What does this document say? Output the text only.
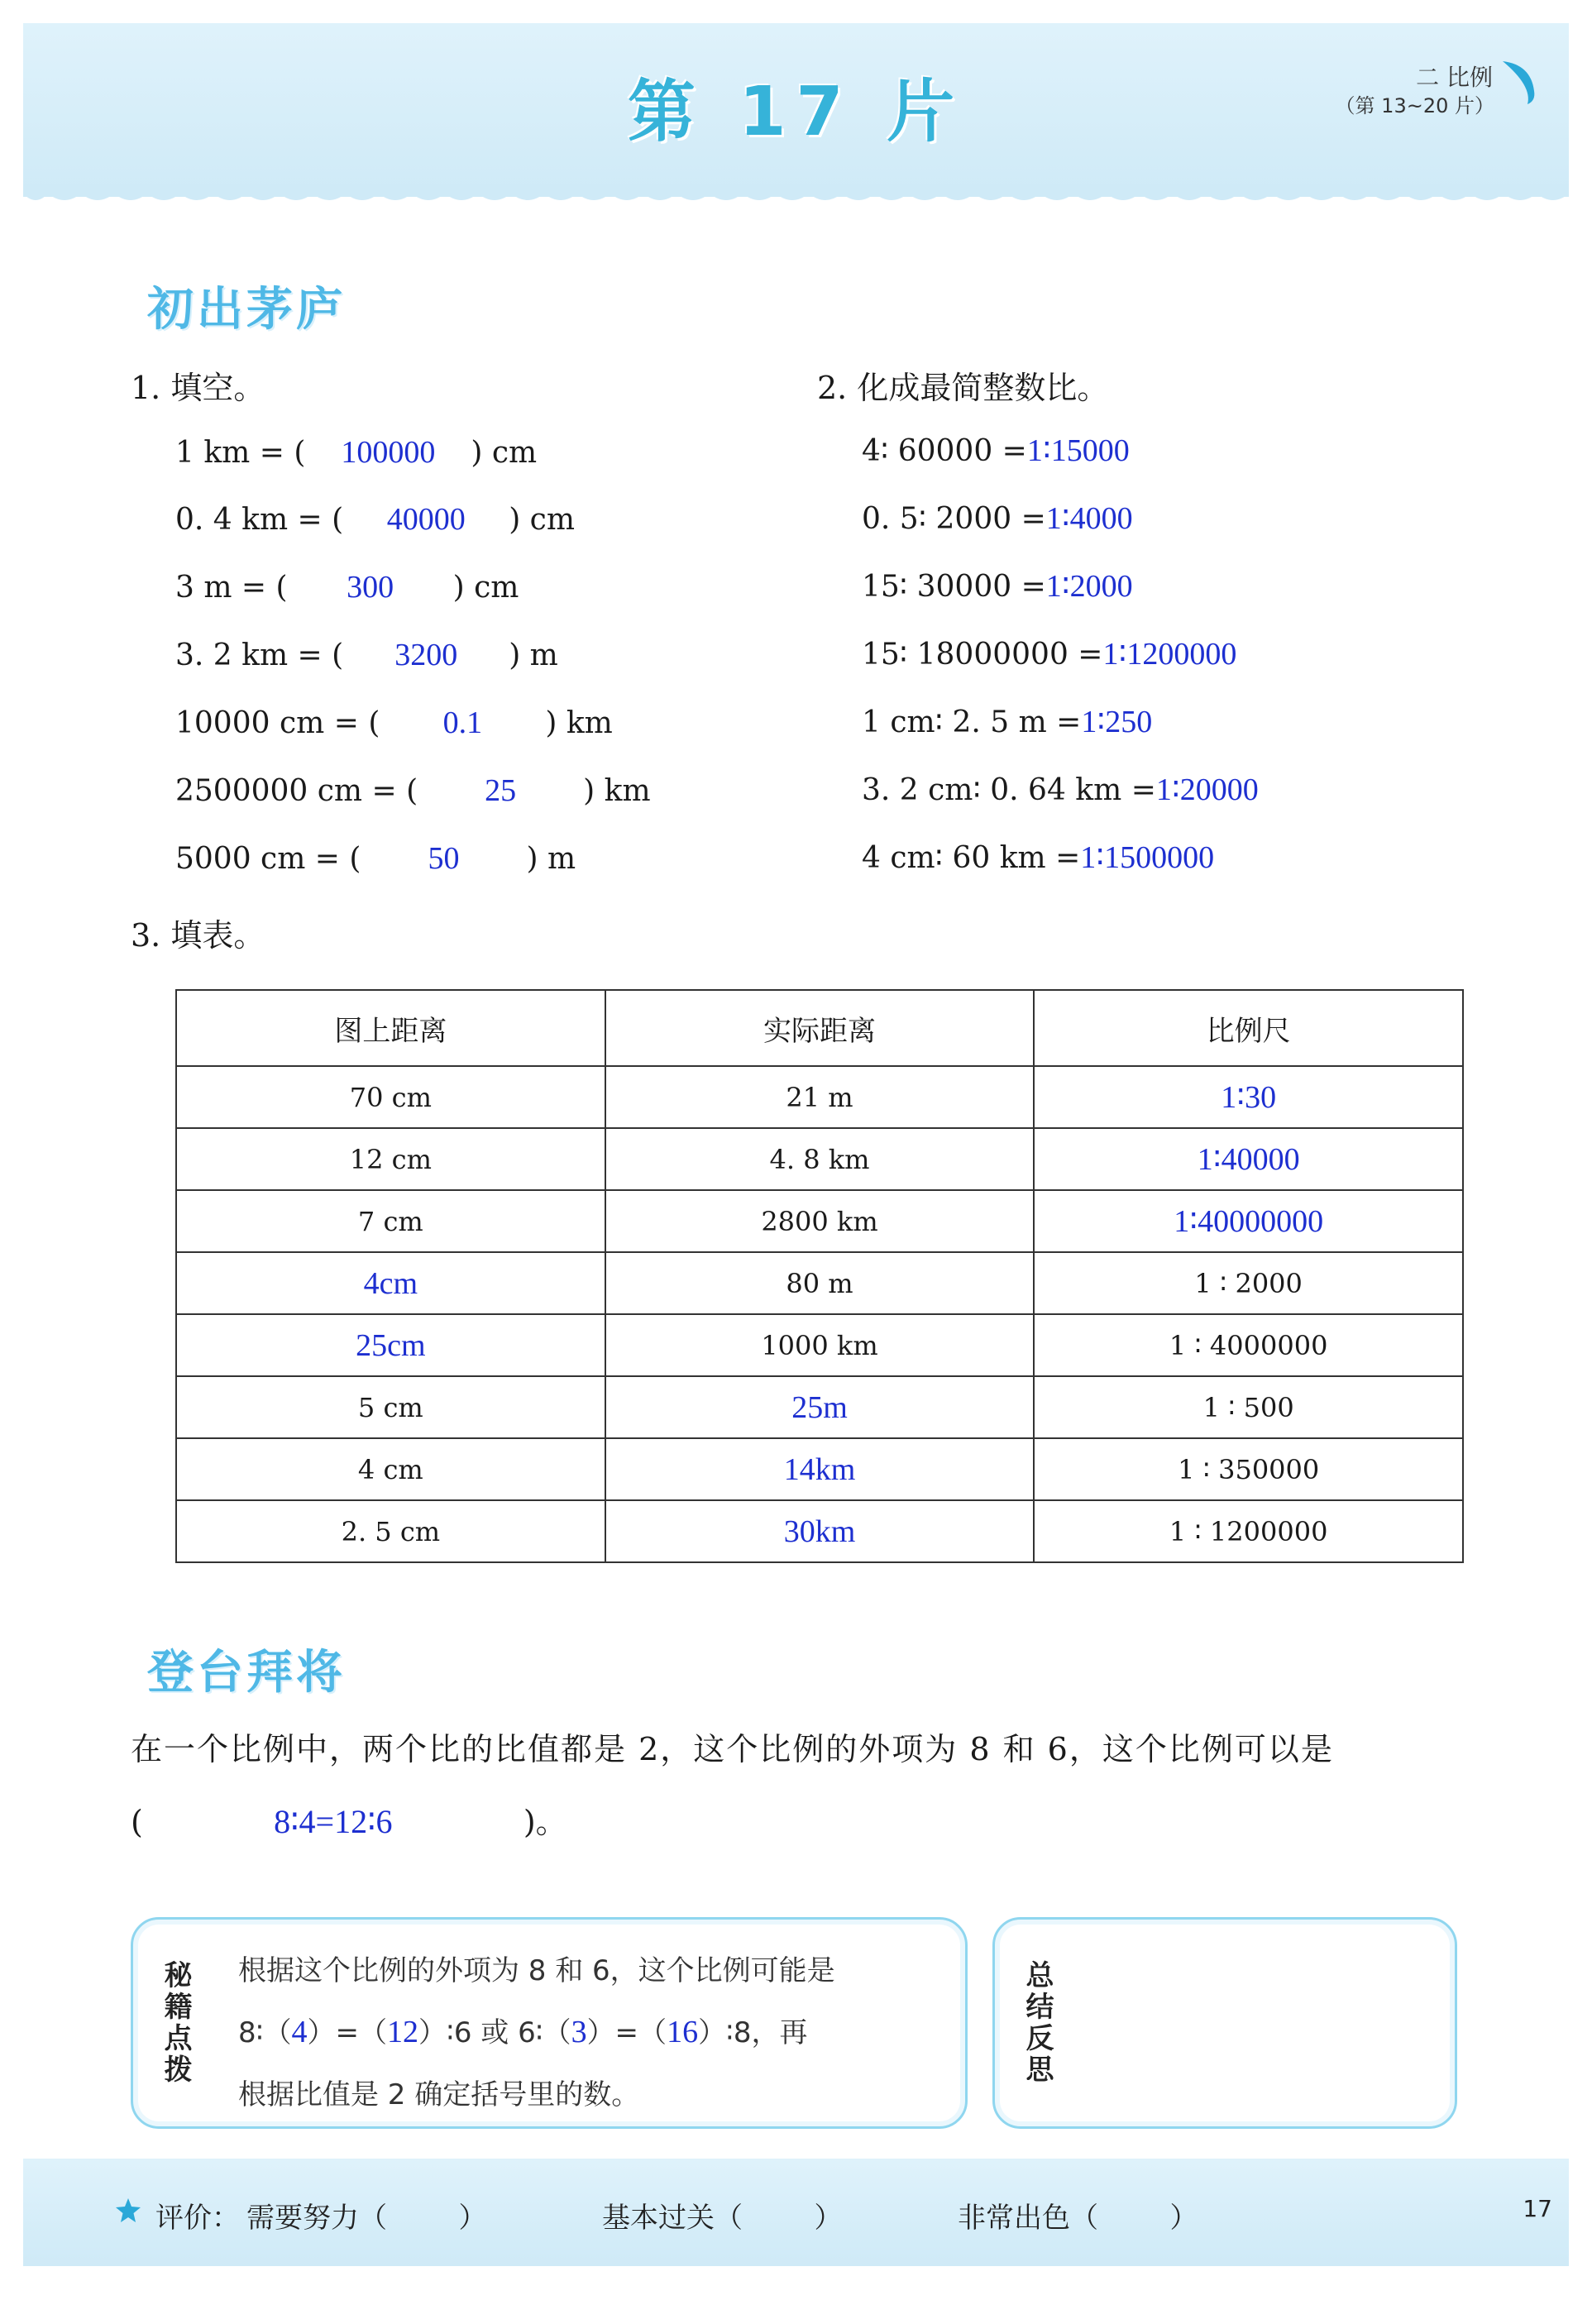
第 17 片	二 比例
（第 13~20 片）
初出茅庐
1. 填空。
1 km = ( 100000 ) cm
0. 4 km = ( 40000 ) cm
3 m = ( 300 ) cm
3. 2 km = ( 3200 ) m
10000 cm = ( 0.1 ) km
2500000 cm = ( 25 ) km
5000 cm = ( 50 ) m
2. 化成最简整数比。
4∶ 60000 =1∶15000
0. 5∶ 2000 =1∶4000
15∶ 30000 =1∶2000
15∶ 18000000 =1∶1200000
1 cm∶ 2. 5 m =1∶250
3. 2 cm∶ 0. 64 km =1∶20000
4 cm∶ 60 km =1∶1500000
3. 填表。
图上距离	实际距离	比例尺
70 cm	21 m	1∶30
12 cm	4. 8 km	1∶40000
7 cm	2800 km	1∶40000000
4cm	80 m	1 ∶ 2000
25cm	1000 km	1 ∶ 4000000
5 cm	25m	1 ∶ 500
4 cm	14km	1 ∶ 350000
2. 5 cm	30km	1 ∶ 1200000
登台拜将
在一个比例中，两个比的比值都是 2，这个比例的外项为 8 和 6，这个比例可以是
(	8∶4=12∶6	)。
秘籍点拨 根据这个比例的外项为 8 和 6，这个比例可能是
8∶（4）=（12）∶6 或 6∶（3）=（16）∶8，再
根据比值是 2 确定括号里的数。
总结反思
评价： 需要努力（        ）	基本过关（        ）	非常出色（        ）	17
